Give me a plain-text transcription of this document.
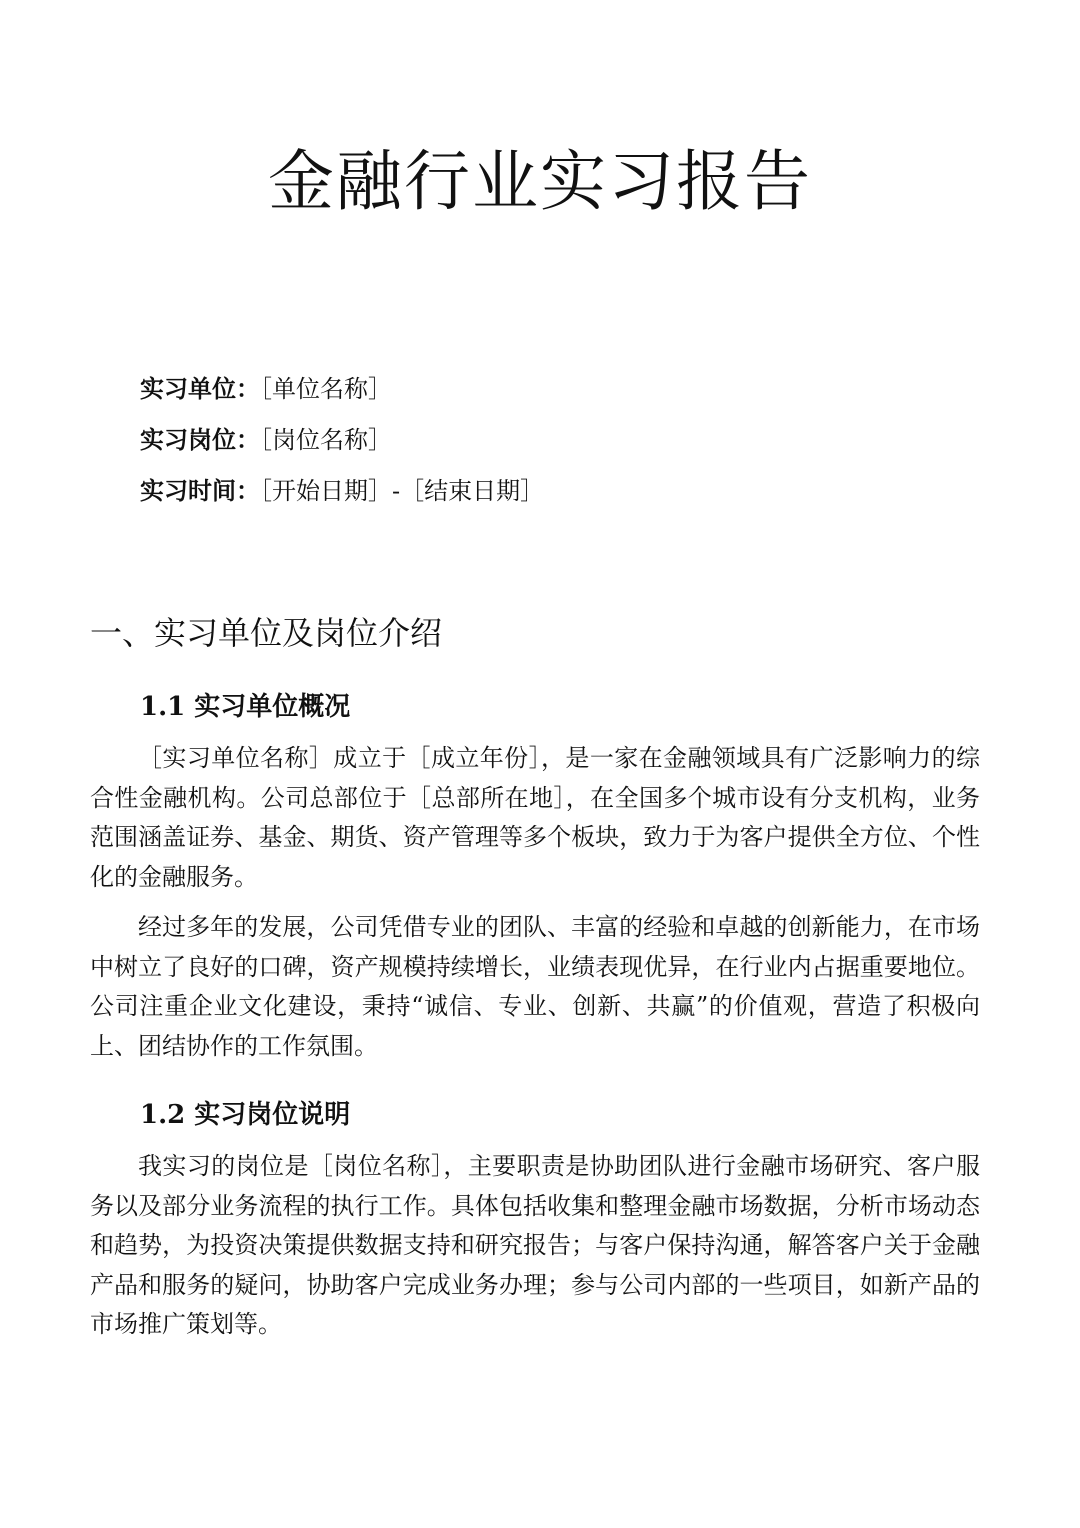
金融行业实习报告

实习单位：［单位名称］

实习岗位：［岗位名称］

实习时间：［开始日期］-［结束日期］

一、实习单位及岗位介绍
1.1 实习单位概况

［实习单位名称］成立于［成立年份］，是一家在金融领域具有广泛影响力的综合性金融机构。公司总部位于［总部所在地］，在全国多个城市设有分支机构，业务范围涵盖证券、基金、期货、资产管理等多个板块，致力于为客户提供全方位、个性化的金融服务。

经过多年的发展，公司凭借专业的团队、丰富的经验和卓越的创新能力，在市场中树立了良好的口碑，资产规模持续增长，业绩表现优异，在行业内占据重要地位。公司注重企业文化建设，秉持“诚信、专业、创新、共赢”的价值观，营造了积极向上、团结协作的工作氛围。

1.2 实习岗位说明

我实习的岗位是［岗位名称］，主要职责是协助团队进行金融市场研究、客户服务以及部分业务流程的执行工作。具体包括收集和整理金融市场数据，分析市场动态和趋势，为投资决策提供数据支持和研究报告；与客户保持沟通，解答客户关于金融产品和服务的疑问，协助客户完成业务办理；参与公司内部的一些项目，如新产品的市场推广策划等。
